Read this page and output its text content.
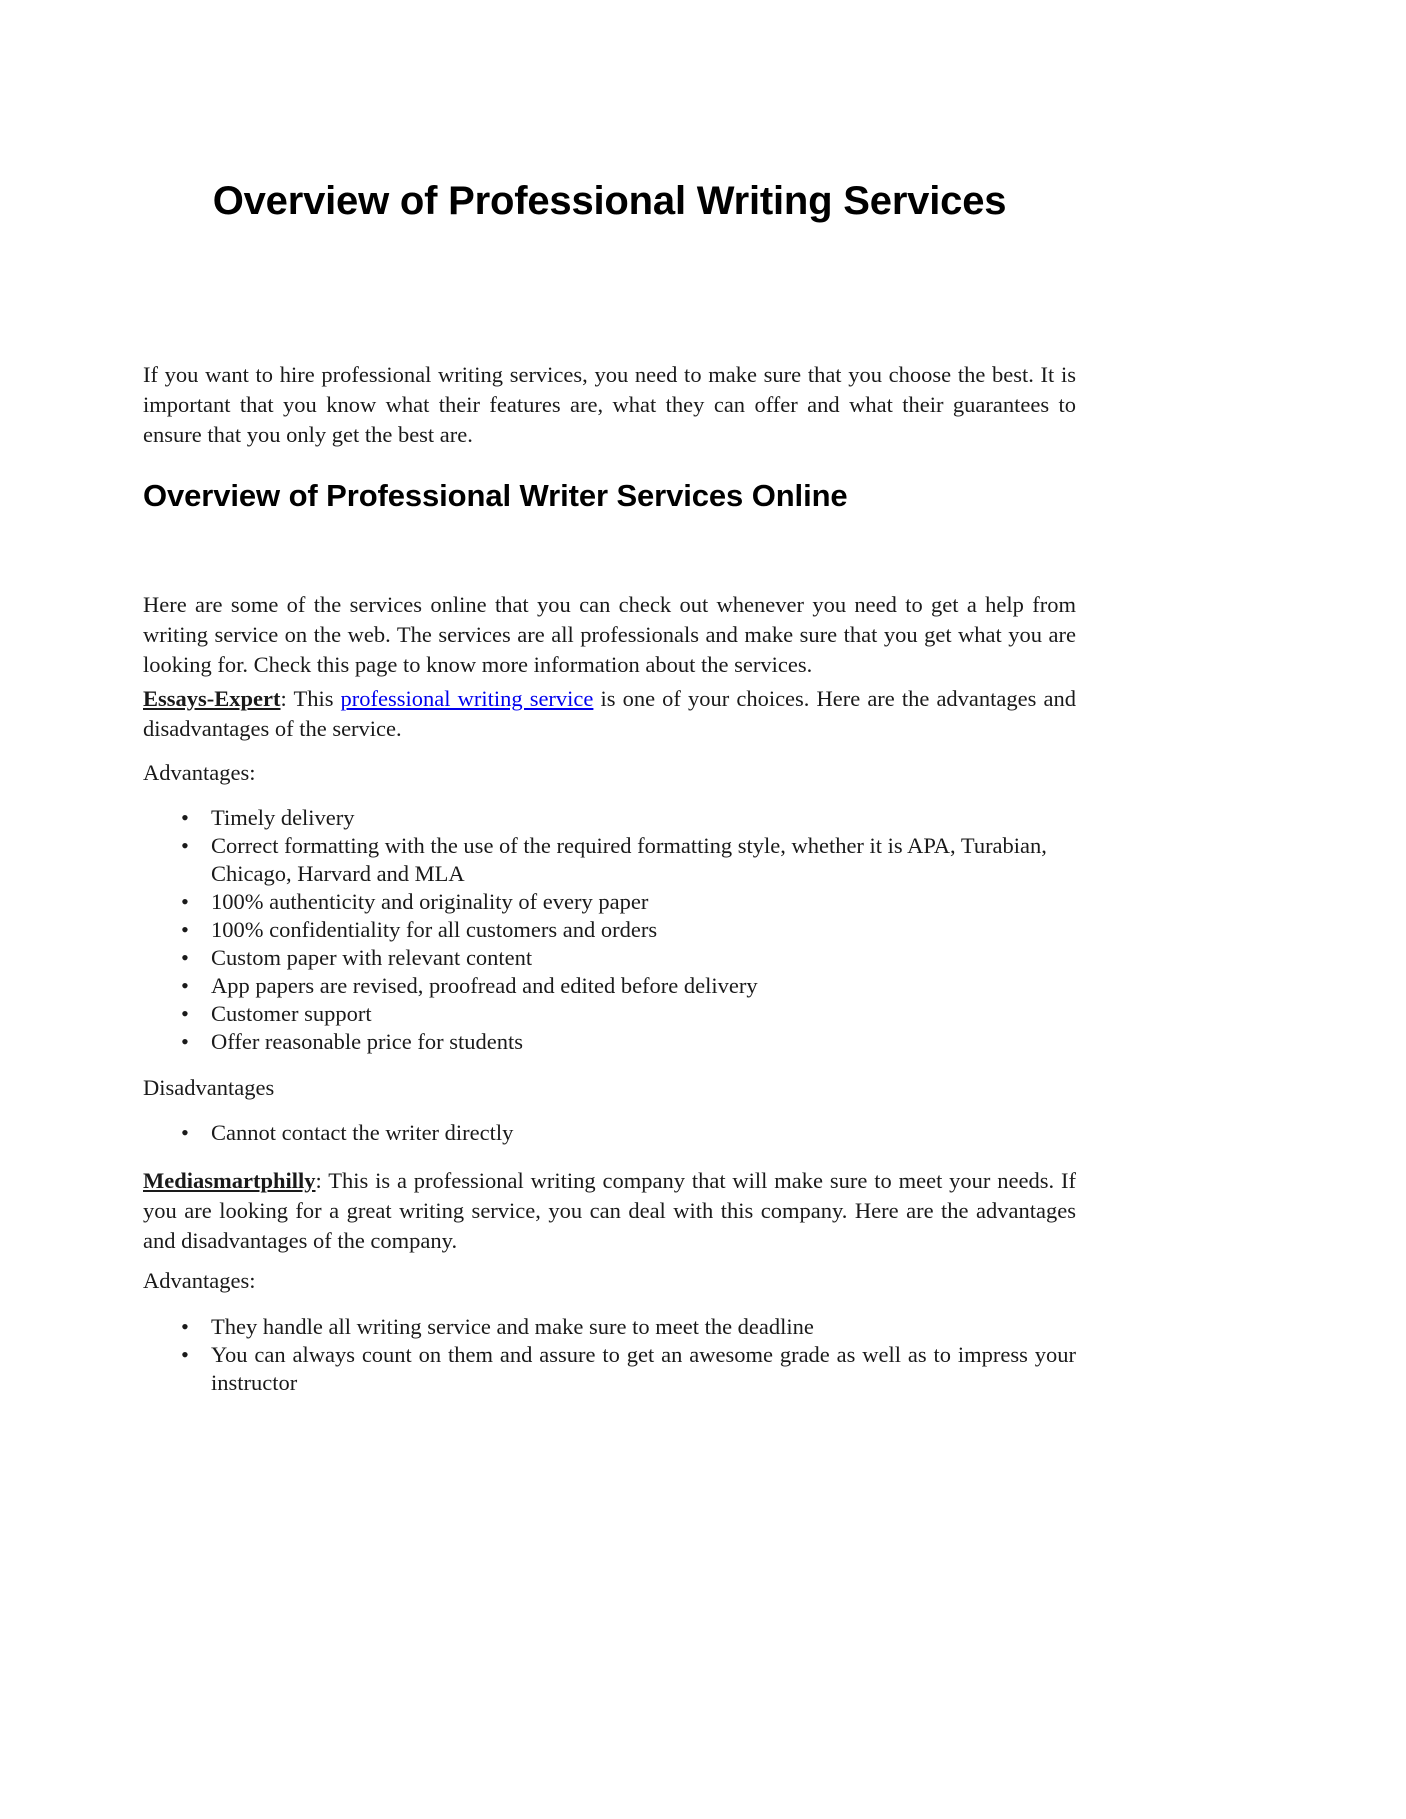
Overview of Professional Writing Services

If you want to hire professional writing services, you need to make sure that you choose the best. It is important that you know what their features are, what they can offer and what their guarantees to ensure that you only get the best are.

Overview of Professional Writer Services Online

Here are some of the services online that you can check out whenever you need to get a help from writing service on the web. The services are all professionals and make sure that you get what you are looking for. Check this page to know more information about the services.

Essays-Expert: This professional writing service is one of your choices. Here are the advantages and disadvantages of the service.

Advantages:

• Timely delivery
• Correct formatting with the use of the required formatting style, whether it is APA, Turabian, Chicago, Harvard and MLA
• 100% authenticity and originality of every paper
• 100% confidentiality for all customers and orders
• Custom paper with relevant content
• App papers are revised, proofread and edited before delivery
• Customer support
• Offer reasonable price for students

Disadvantages

• Cannot contact the writer directly

Mediasmartphilly: This is a professional writing company that will make sure to meet your needs. If you are looking for a great writing service, you can deal with this company. Here are the advantages and disadvantages of the company.

Advantages:

• They handle all writing service and make sure to meet the deadline
• You can always count on them and assure to get an awesome grade as well as to impress your instructor
